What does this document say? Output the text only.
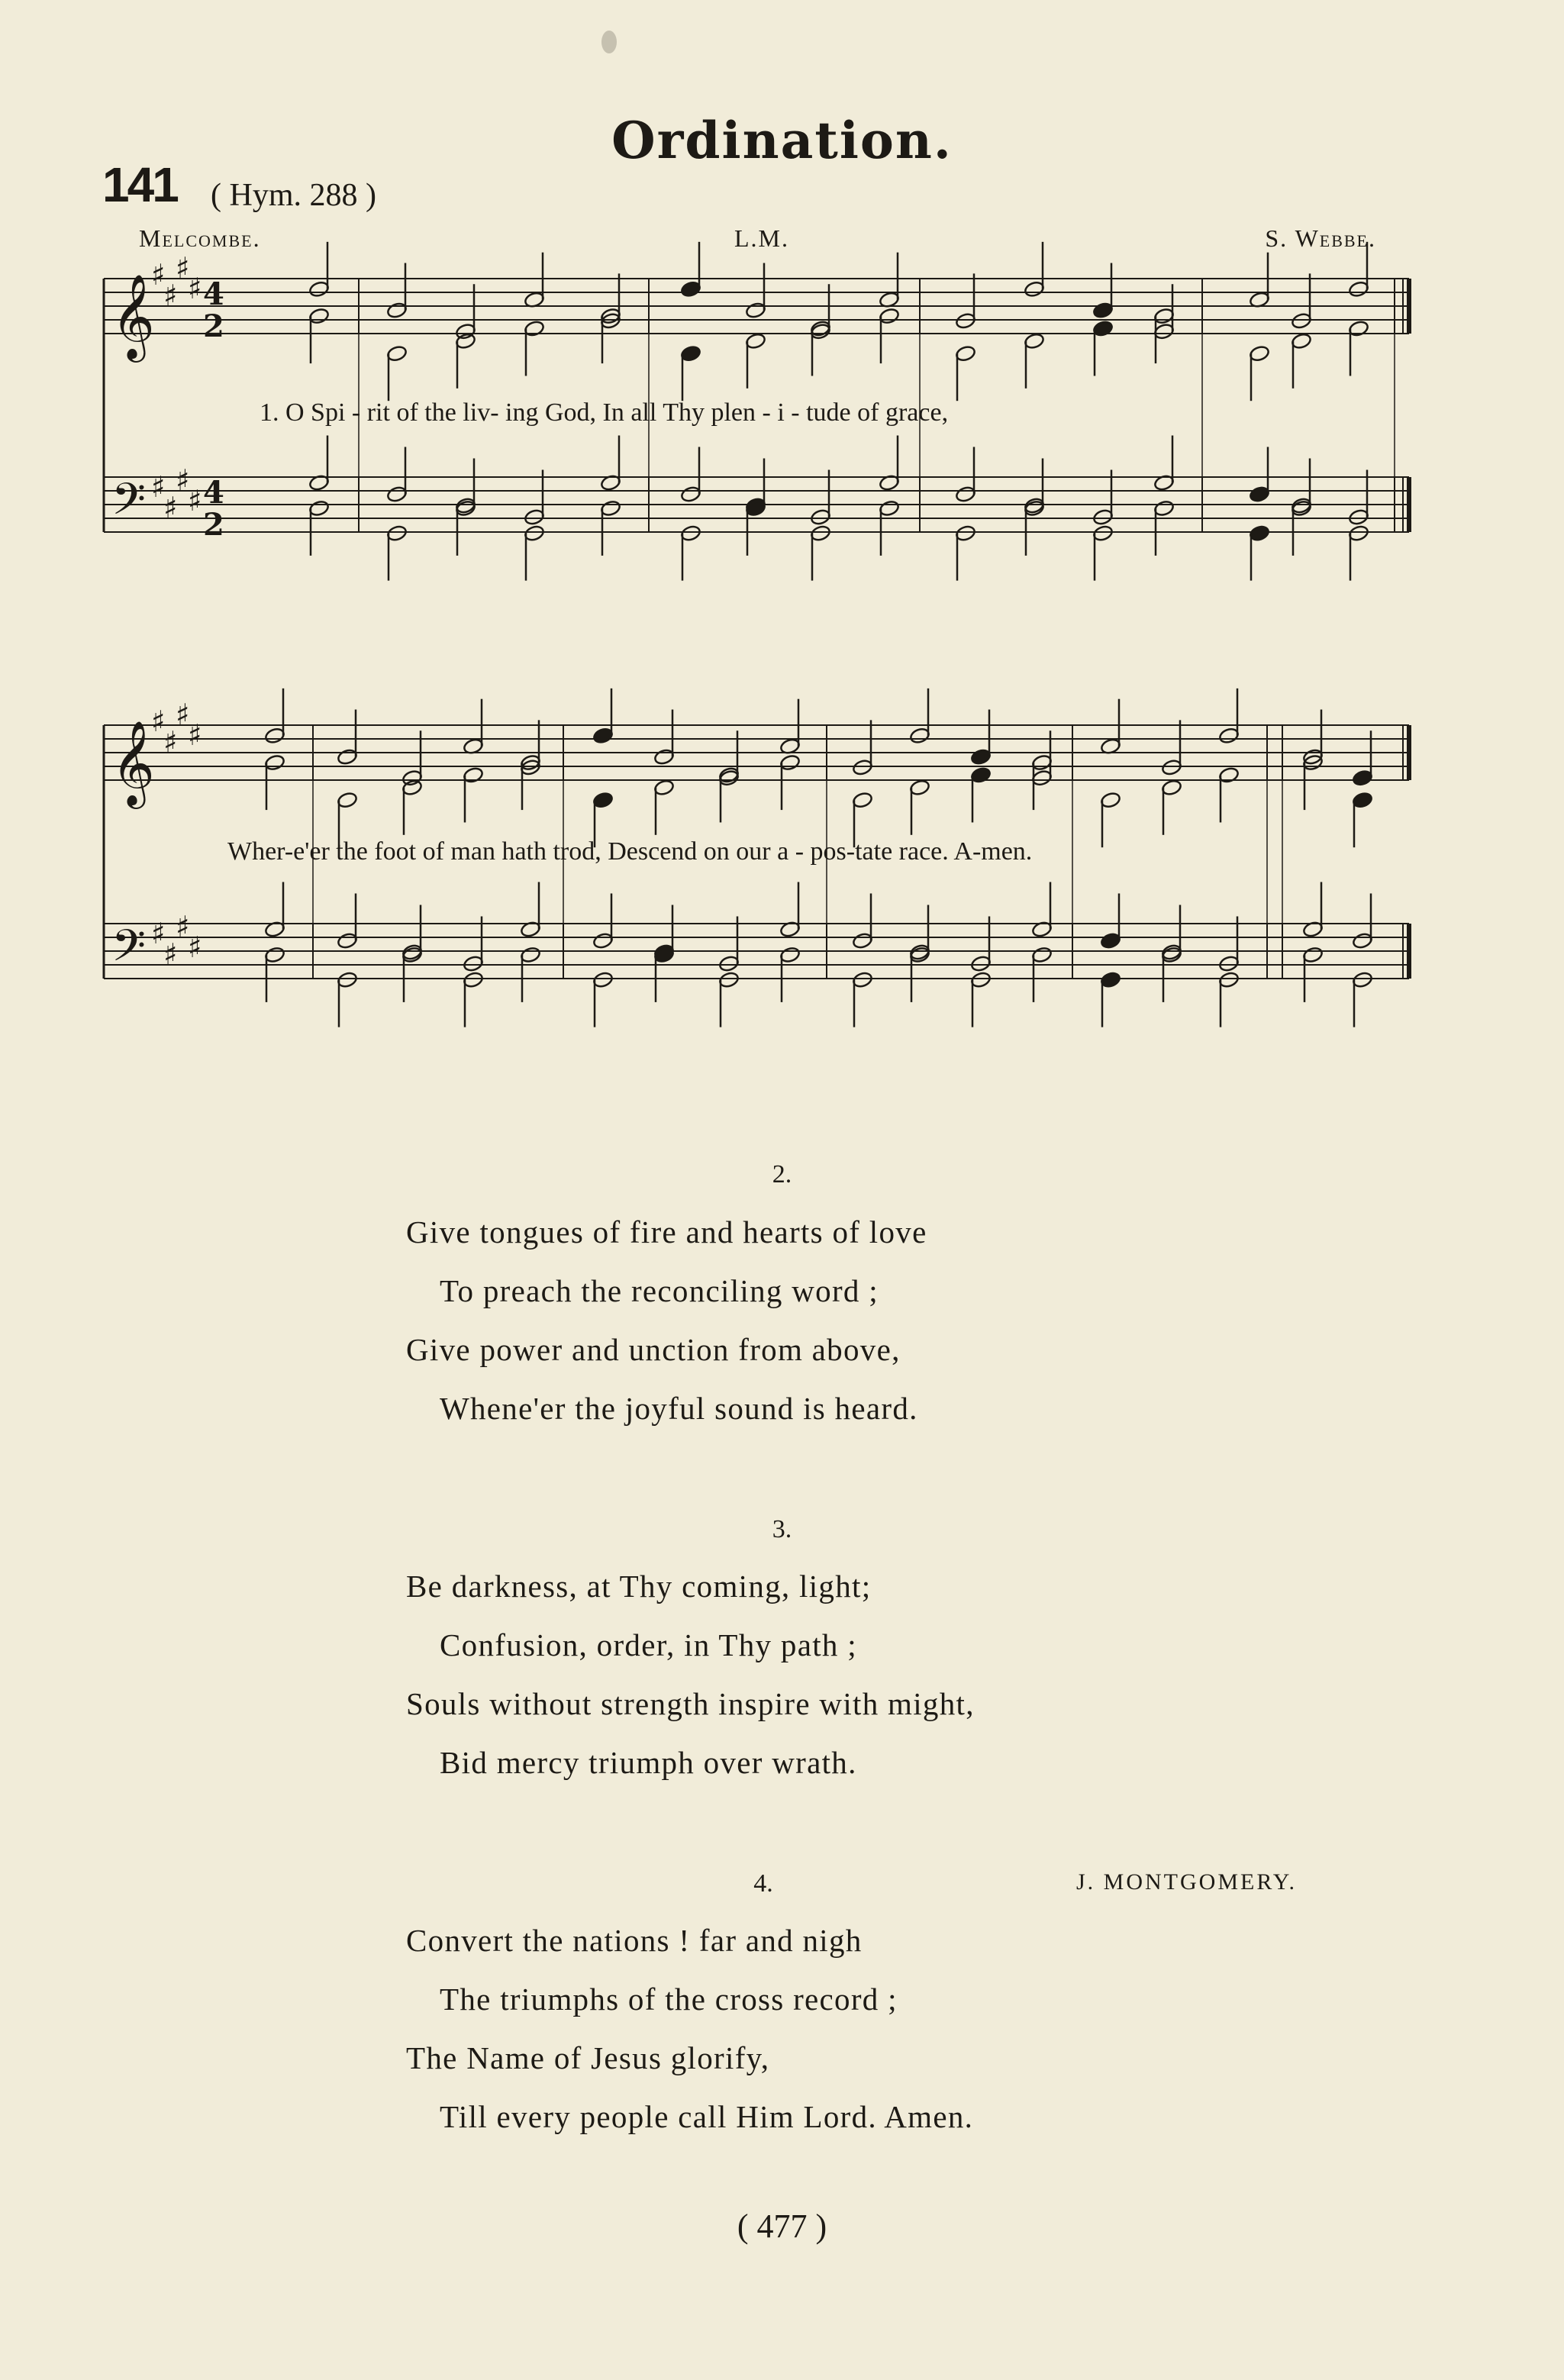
Ordination.
141 ( Hym. 288 )
Melcombe.	L.M.	S. Webbe.
𝄞
♯
♯
♯
♯ 4
2
𝄢 ♯
♯
♯
♯ 4
2
𝄞
♯
♯
♯
♯
𝄢 ♯
♯
♯
♯
1. O Spi - rit of the liv- ing God, In all Thy plen - i - tude of grace,
Wher-e'er the foot of man hath trod, Descend on our a - pos-tate race. A-men.
2.
Give tongues of fire and hearts of love
To preach the reconciling word ;
Give power and unction from above,
Whene'er the joyful sound is heard.
3.
Be darkness, at Thy coming, light;
Confusion, order, in Thy path ;
Souls without strength inspire with might,
Bid mercy triumph over wrath.
4.
Convert the nations ! far and nigh
The triumphs of the cross record ;
The Name of Jesus glorify,
Till every people call Him Lord. Amen.
J. MONTGOMERY.
( 477 )
